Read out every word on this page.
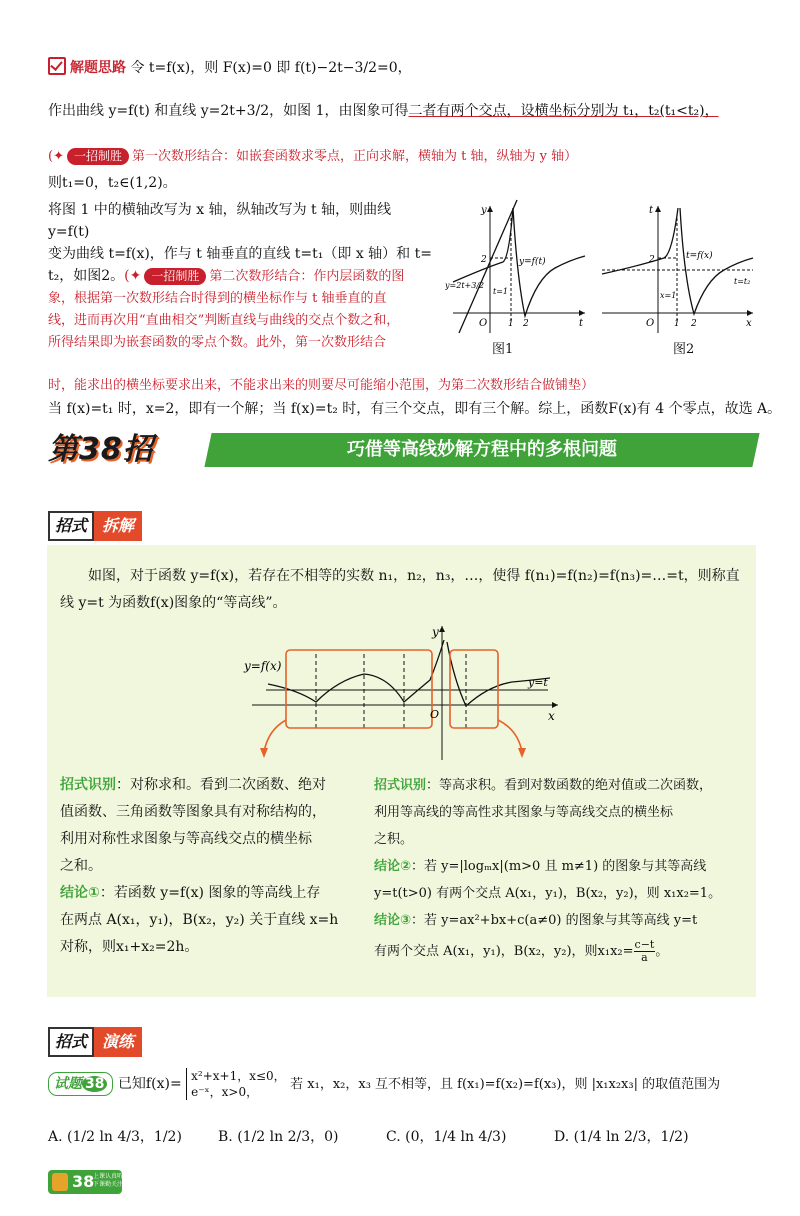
解题思路 令 t=f(x)，则 F(x)=0 即 f(t)−2t−3/2=0，
作出曲线 y=f(t) 和直线 y=2t+3/2，如图 1，由图象可得二者有两个交点，设横坐标分别为 t₁，t₂(t₁<t₂)，
(✦ 一招制胜 第一次数形结合：如嵌套函数求零点，正向求解，横轴为 t 轴，纵轴为 y 轴）
则t₁=0，t₂∈(1,2)。
将图 1 中的横轴改写为 x 轴，纵轴改写为 t 轴，则曲线 y=f(t)
变为曲线 t=f(x)，作与 t 轴垂直的直线 t=t₁（即 x 轴）和 t=
t₂，如图2。(✦ 一招制胜 第二次数形结合：作内层函数的图
象，根据第一次数形结合时得到的横坐标作与 t 轴垂直的直
线，进而再次用“直曲相交”判断直线与曲线的交点个数之和，
所得结果即为嵌套函数的零点个数。此外，第一次数形结合
时，能求出的横坐标要求出来，不能求出来的则要尽可能缩小范围，为第二次数形结合做铺垫）
当 f(x)=t₁ 时，x=2，即有一个解；当 f(x)=t₂ 时，有三个交点，即有三个解。综上，函数F(x)有 4 个零点，故选 A。
y
t
O
2
1 2
y=f(t)
y=2t+3/2
t=1
图1
t
x
O
2
1 2
t=f(x)
t=t₂
x=1
图2
第38招	巧借等高线妙解方程中的多根问题
招式 拆解
如图，对于函数 y=f(x)，若存在不相等的实数 n₁，n₂，n₃，…，使得 f(n₁)=f(n₂)=f(n₃)=…=t，则称直
线 y=t 为函数f(x)图象的“等高线”。
y=f(x)
y=t
y
x
O
招式识别：对称求和。看到二次函数、绝对
值函数、三角函数等图象具有对称结构的，
利用对称性求图象与等高线交点的横坐标
之和。
结论①：若函数 y=f(x) 图象的等高线上存
在两点 A(x₁，y₁)，B(x₂，y₂) 关于直线 x=h
对称，则x₁+x₂=2h。
招式识别：等高求积。看到对数函数的绝对值或二次函数，
利用等高线的等高性求其图象与等高线交点的横坐标
之积。
结论②：若 y=|logₘx|(m>0 且 m≠1) 的图象与其等高线
y=t(t>0) 有两个交点 A(x₁，y₁)，B(x₂，y₂)，则 x₁x₂=1。
结论③：若 y=ax²+bx+c(a≠0) 的图象与其等高线 y=t
有两个交点 A(x₁，y₁)，B(x₂，y₂)，则$x_1x_2= \frac{c-t}{a}$ 。
招式 演练
试题 38 已知f(x)= x²+x+1，x≤0，
e⁻ˣ，x>0，	若 x₁，x₂，x₃ 互不相等，且 f(x₁)=f(x₂)=f(x₃)，则 |x₁x₂x₃| 的取值范围为
A. (1/2 ln 4/3，1/2)	B. (1/2 ln 2/3，0)	C. (0，1/4 ln 4/3)	D. (1/4 ln 2/3，1/2)
38
上课认真听
下课勤关注
